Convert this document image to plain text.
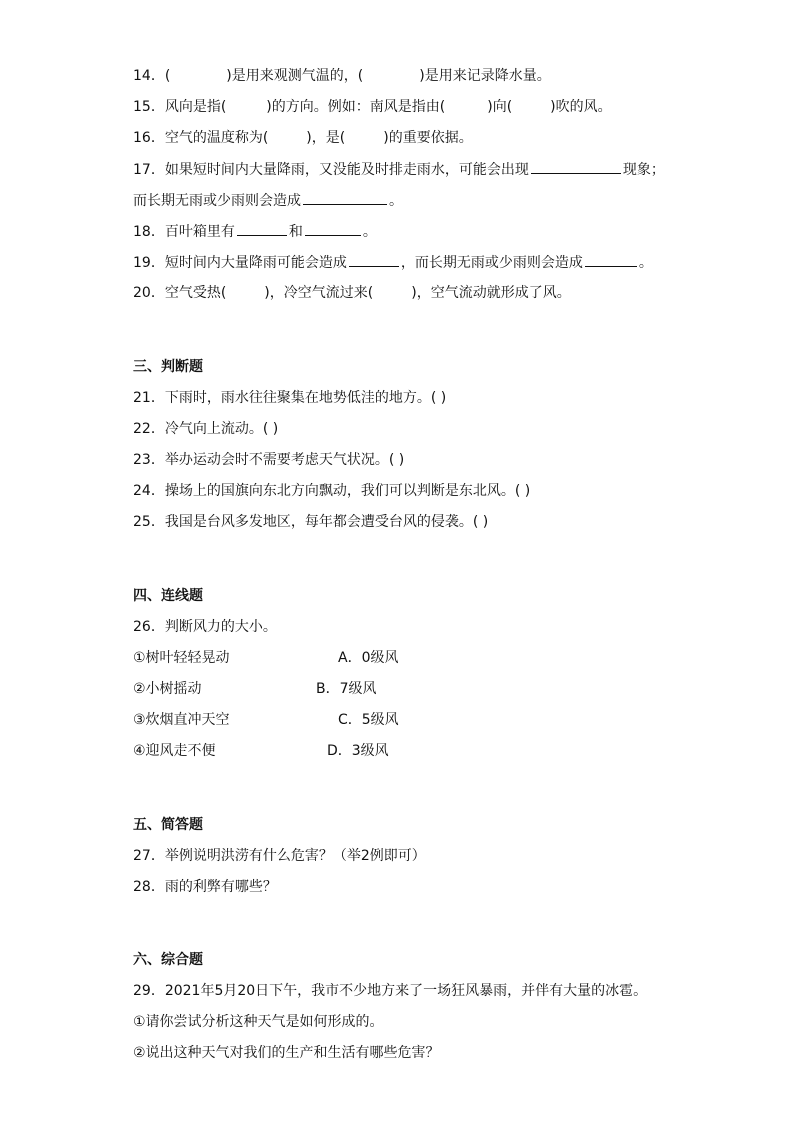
14．(	)是用来观测气温的，(	)是用来记录降水量。
15．风向是指(	)的方向。例如：南风是指由(	)向(	)吹的风。
16．空气的温度称为(	)，是(	)的重要依据。
17．如果短时间内大量降雨，又没能及时排走雨水，可能会出现	现象；
而长期无雨或少雨则会造成	。
18．百叶箱里有	和	。
19．短时间内大量降雨可能会造成	，而长期无雨或少雨则会造成	。
20．空气受热(	)，冷空气流过来(	)，空气流动就形成了风。
三、判断题
21．下雨时，雨水往往聚集在地势低洼的地方。( )
22．冷气向上流动。( )
23．举办运动会时不需要考虑天气状况。( )
24．操场上的国旗向东北方向飘动，我们可以判断是东北风。( )
25．我国是台风多发地区，每年都会遭受台风的侵袭。( )
四、连线题
26．判断风力的大小。
①树叶轻轻晃动	A．0级风
②小树摇动	B．7级风
③炊烟直冲天空	C．5级风
④迎风走不便	D．3级风
五、简答题
27．举例说明洪涝有什么危害？（举2例即可）
28．雨的利弊有哪些？
六、综合题
29．2021年5月20日下午，我市不少地方来了一场狂风暴雨，并伴有大量的冰雹。
①请你尝试分析这种天气是如何形成的。
②说出这种天气对我们的生产和生活有哪些危害？
